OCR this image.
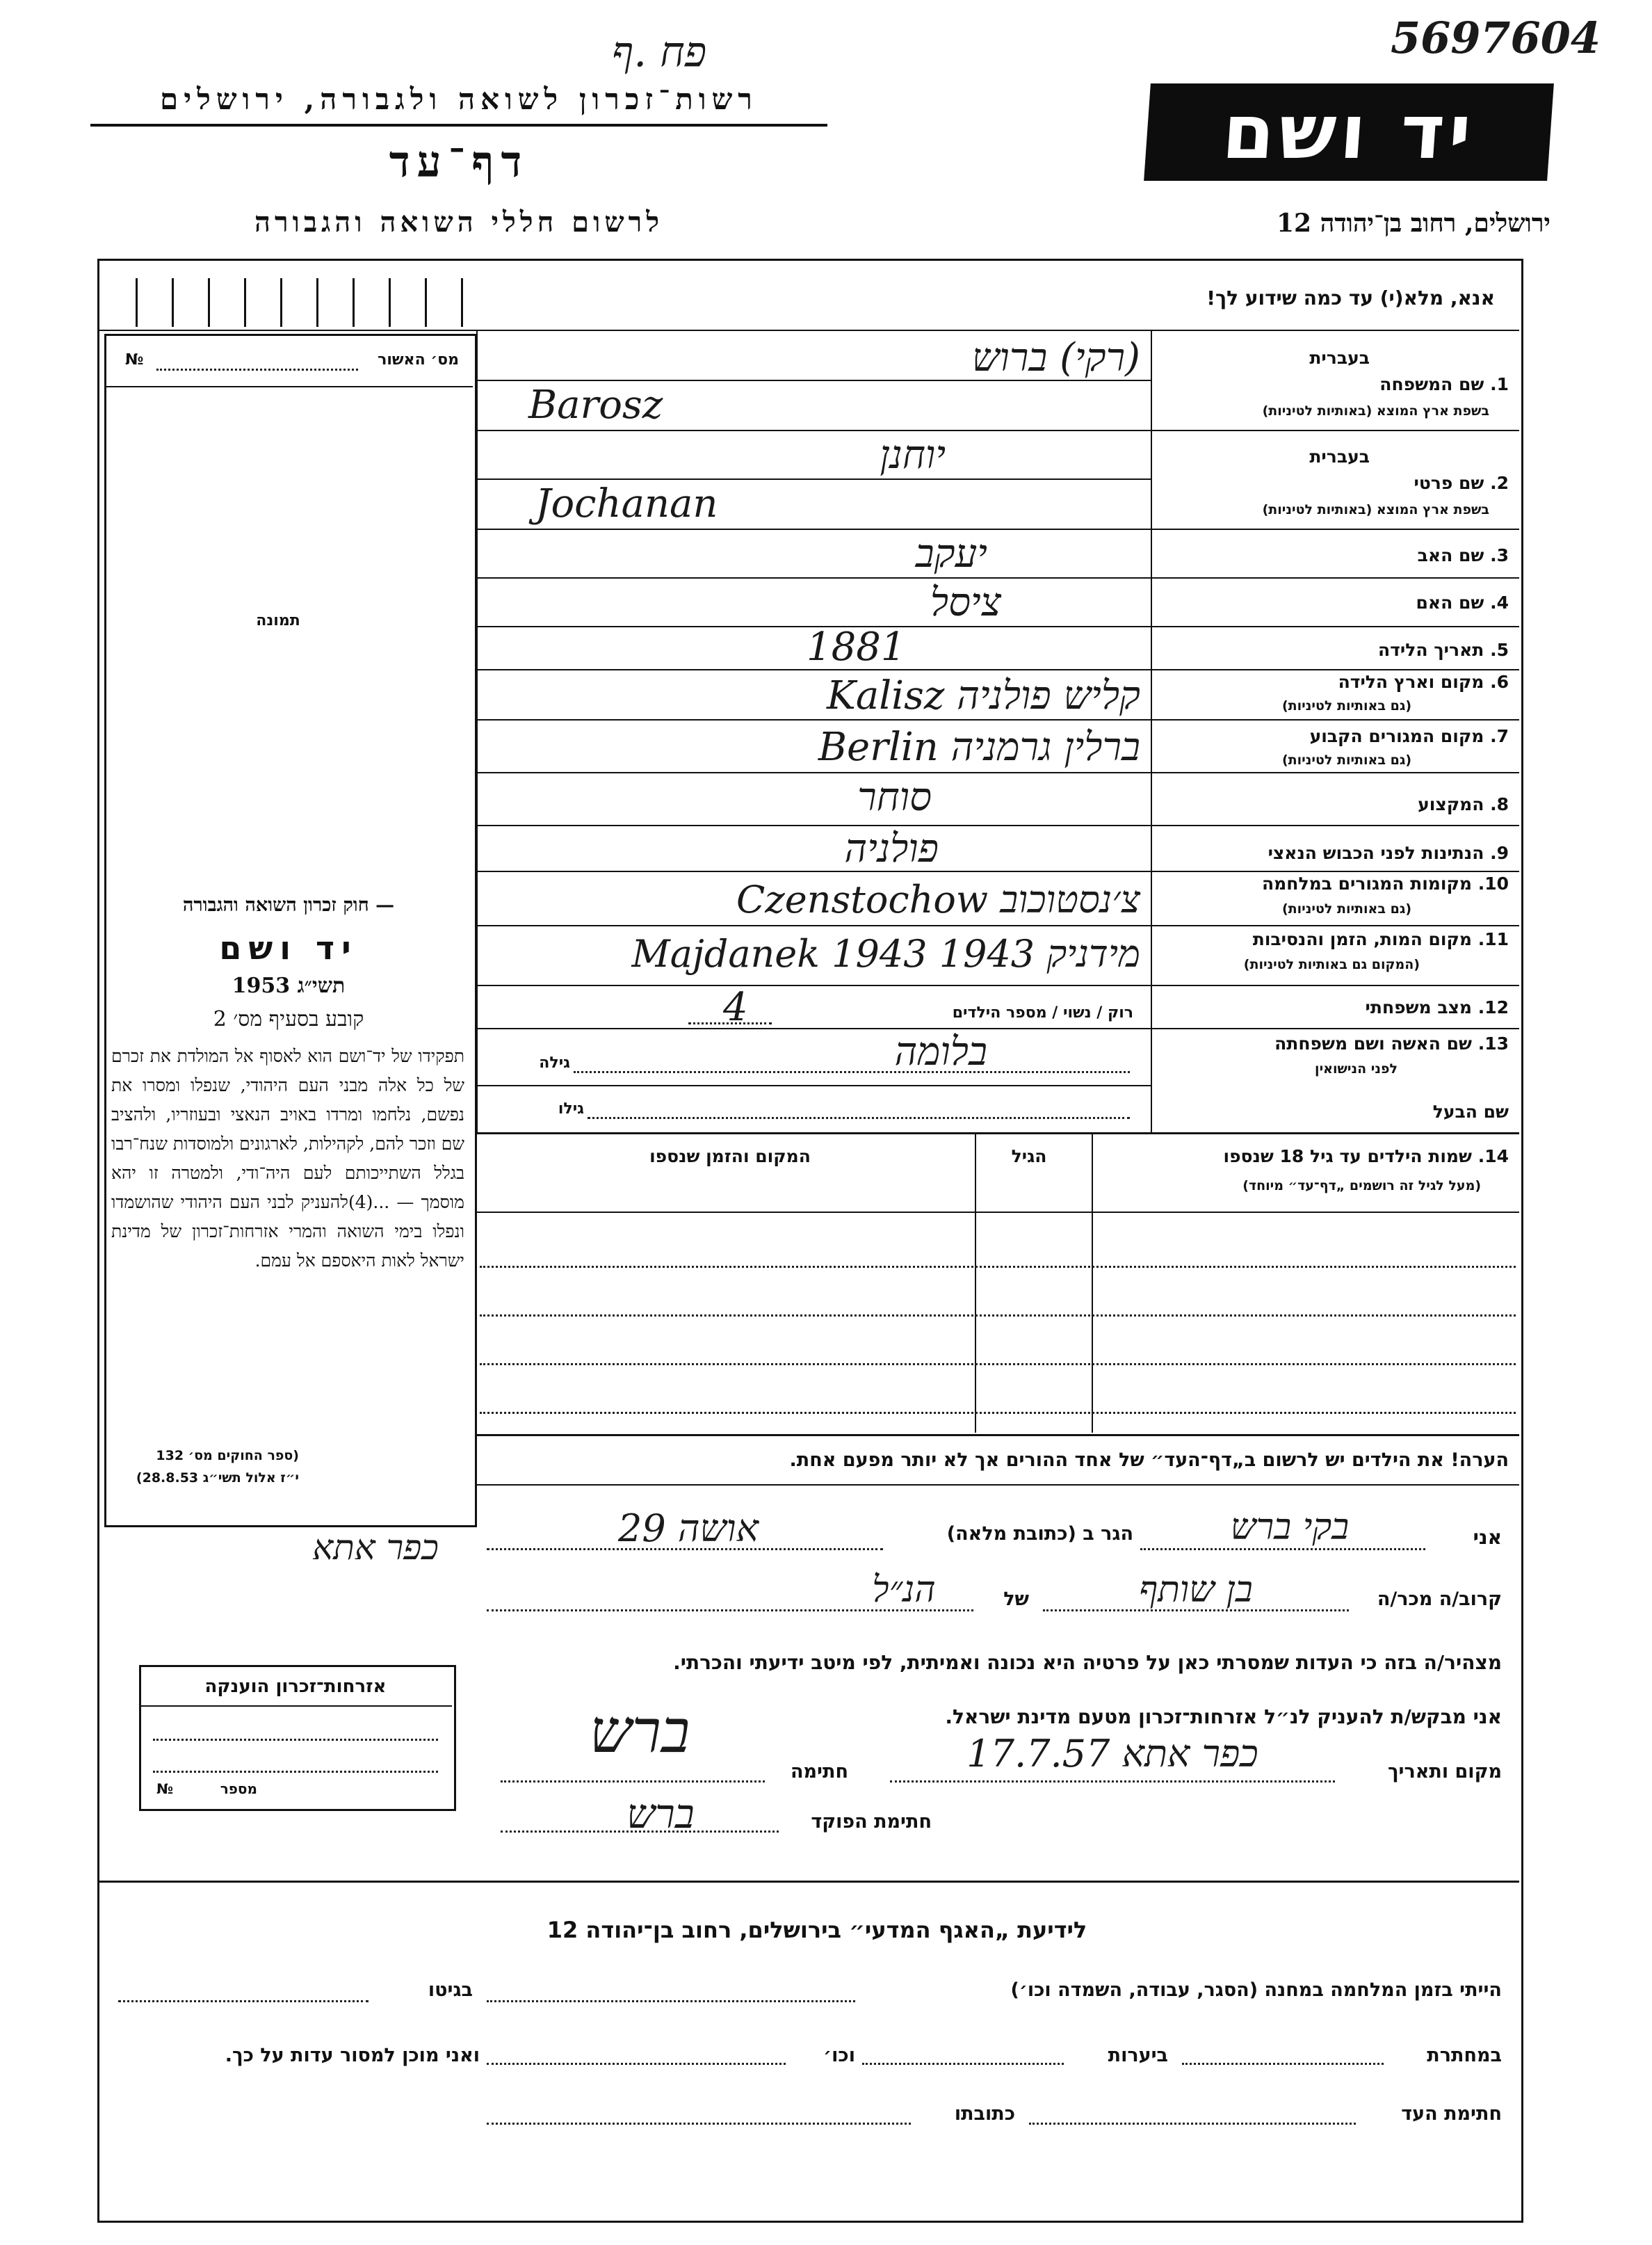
פח .ף	5697604
רשות־זכרון לשואה ולגבורה, ירושלים
דף־עד
לרשום חללי השואה והגבורה
יד ושם
ירושלים, רחוב בן־יהודה 12
אנא, מלא(י) עד כמה שידוע לך!
מס׳ האשור
№
תמונה
— חוק זכרון השואה והגבורה
יד ושם
תשי״ג 1953
קובע בסעיף מס׳ 2
תפקידו של יד־ושם הוא לאסוף אל המולדת את זכרם של כל אלה מבני העם היהודי, שנפלו ומסרו את נפשם, נלחמו ומרדו באויב הנאצי ובעוזריו, ולהציב שם וזכר להם, לקהילות, לארגונים ולמוסדות שנח־רבו בגלל השתייכותם לעם היה־ודי, ולמטרה זו יהא מוסמך — ...(4)להעניק לבני העם היהודי שהושמדו ונפלו בימי השואה והמרי אזרחות־זכרון של מדינת ישראל לאות היאספם אל עמם.
(ספר החוקים מס׳ 132
י״ז אלול תשי״ג 28.8.53)
בעברית
1. שם המשפחה
בשפת ארץ המוצא (באותיות לטיניות)
בעברית
2. שם פרטי
בשפת ארץ המוצא (באותיות לטיניות)
3. שם האב
4. שם האם
5. תאריך הלידה
6. מקום וארץ הלידה
(גם באותיות לטיניות)
7. מקום המגורים הקבוע
(גם באותיות לטיניות)
8. המקצוע
9. הנתינות לפני הכבוש הנאצי
10. מקומות המגורים במלחמה
(גם באותיות לטיניות)
11. מקום המות, הזמן והנסיבות
(המקום גם באותיות לטיניות)
12. מצב משפחתי
13. שם האשה ושם משפחתה
לפני הנישואין
שם הבעל
(רקי) ברוש
Barosz
יוחנן
Jochanan
יעקב
ציסל
1881
קליש פולניה Kalisz
ברלין גרמניה Berlin
סוחר
פולניה
צ׳נסטוכוב Czenstochow
מידניק 1943 Majdanek 1943
רוק / נשוי / מספר הילדים
4
בלומה
גילה
גילו
14. שמות הילדים עד גיל 18 שנספו
(מעל לגיל זה רושמים „דף־עד״ מיוחד)
הגיל
המקום והזמן שנספו
הערה! את הילדים יש לרשום ב„דף־העד״ של אחד ההורים אך לא יותר מפעם אחת.
אני
בקי ברש
הגר ב (כתובת מלאה)
אושה 29
כפר אתא
קרוב/ה מכר/ה
בן שותף
של
הנ״ל
מצהיר/ה בזה כי העדות שמסרתי כאן על פרטיה היא נכונה ואמיתית, לפי מיטב ידיעתי והכרתי.
אני מבקש/ת להעניק לנ״ל אזרחות־זכרון מטעם מדינת ישראל.
מקום ותאריך
כפר אתא 17.7.57
חתימה
ברש
חתימת הפוקד
ברש
אזרחות־זכרון הוענקה
מספר
№
לידיעת „האגף המדעי״ בירושלים, רחוב בן־יהודה 12
הייתי בזמן המלחמה במחנה (הסגר, עבודה, השמדה וכו׳)
בגיטו
במחתרת
ביערות
וכו׳
ואני מוכן למסור עדות על כך.
חתימת העד
כתובתו
